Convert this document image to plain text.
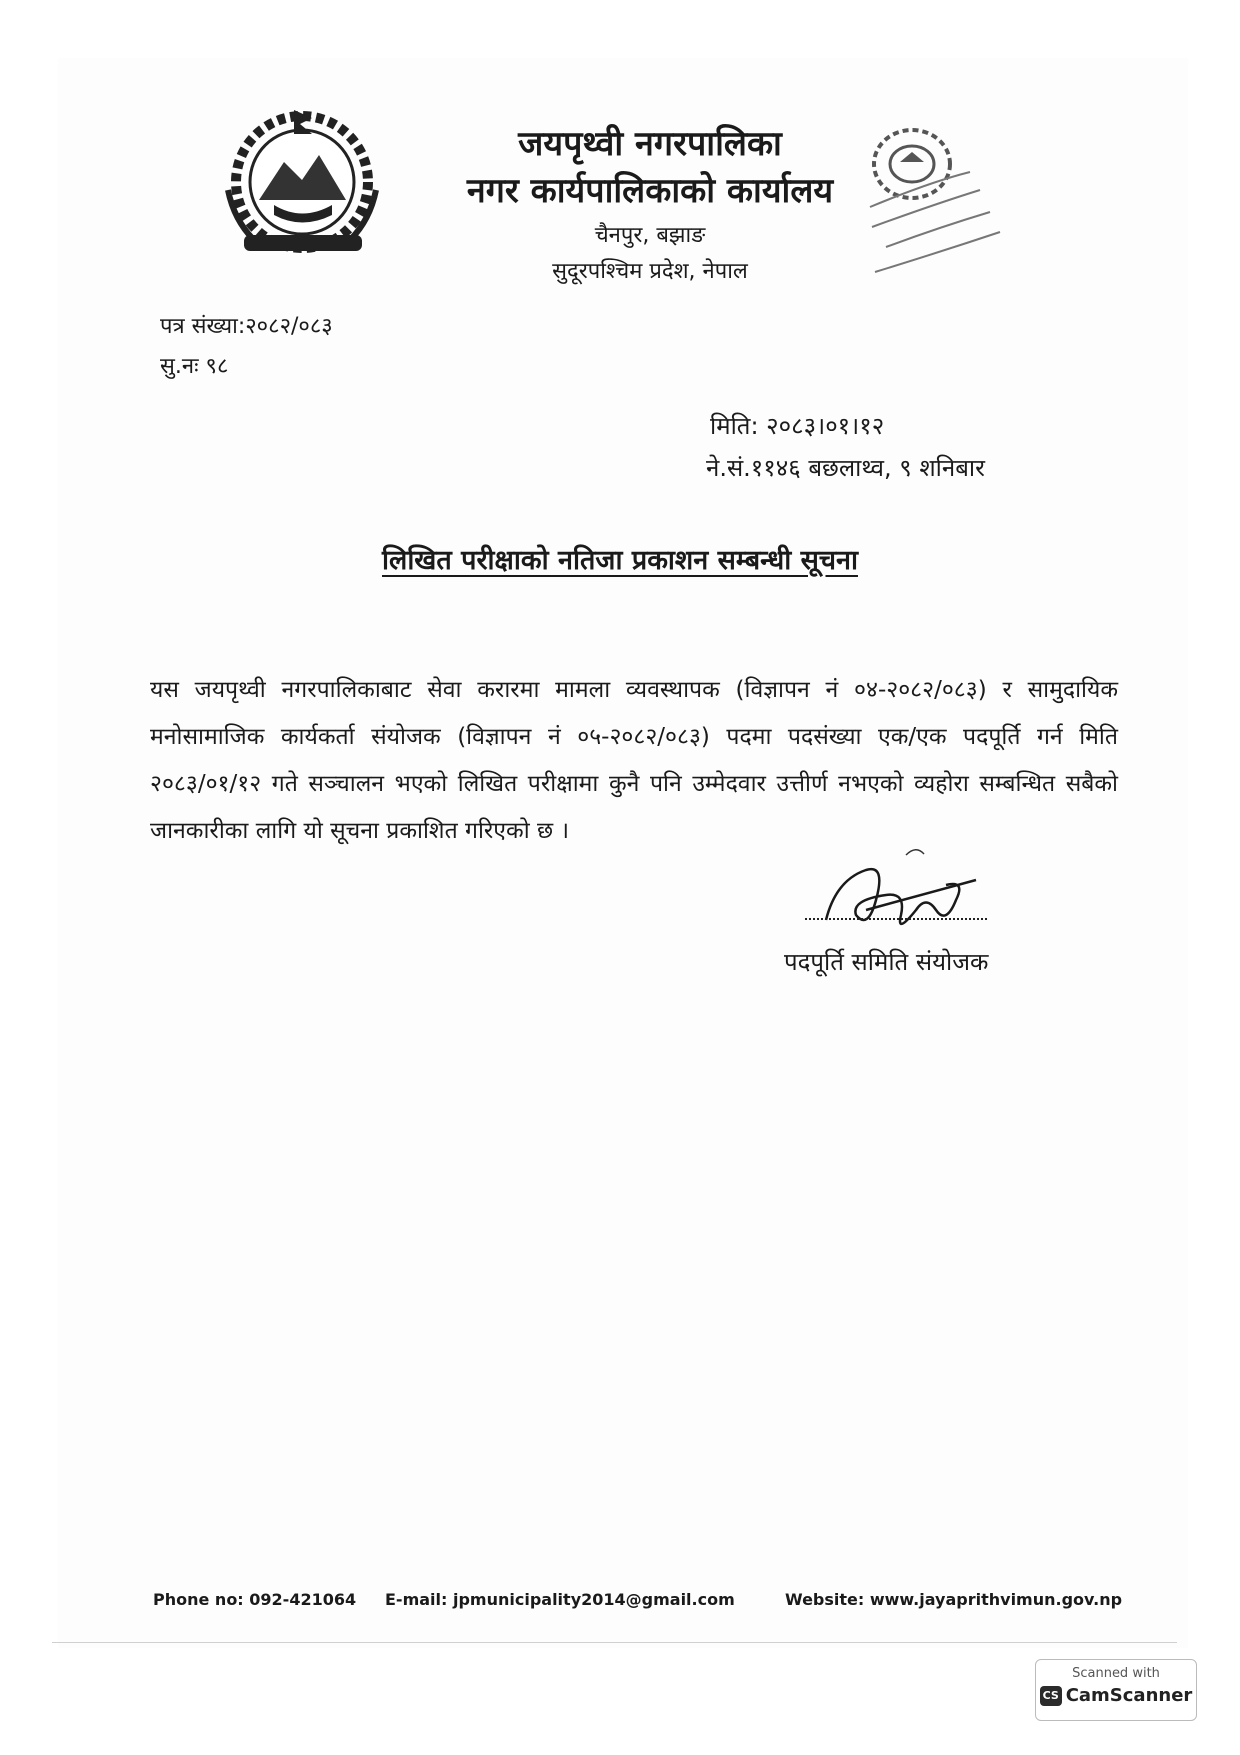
जयपृथ्वी नगरपालिका
नगर कार्यपालिकाको कार्यालय
चैनपुर, बझाङ
सुदूरपश्चिम प्रदेश, नेपाल
पत्र संख्या:२०८२/०८३
सु.नः ९८
मिति: २०८३।०१।१२
ने.सं.११४६ बछलाथ्व, ९ शनिबार
लिखित परीक्षाको नतिजा प्रकाशन सम्बन्धी सूचना
यस जयपृथ्वी नगरपालिकाबाट सेवा करारमा मामला व्यवस्थापक (विज्ञापन नं ०४-२०८२/०८३) र सामुदायिक मनोसामाजिक कार्यकर्ता संयोजक (विज्ञापन नं ०५-२०८२/०८३) पदमा पदसंख्या एक/एक पदपूर्ति गर्न मिति २०८३/०१/१२ गते सञ्चालन भएको लिखित परीक्षामा कुनै पनि उम्मेदवार उत्तीर्ण नभएको व्यहोरा सम्बन्धित सबैको जानकारीका लागि यो सूचना प्रकाशित गरिएको छ ।
पदपूर्ति समिति संयोजक
Phone no: 092-421064 E-mail: jpmunicipality2014@gmail.com	Website: www.jayaprithvimun.gov.np
Scanned with
CS CamScanner
